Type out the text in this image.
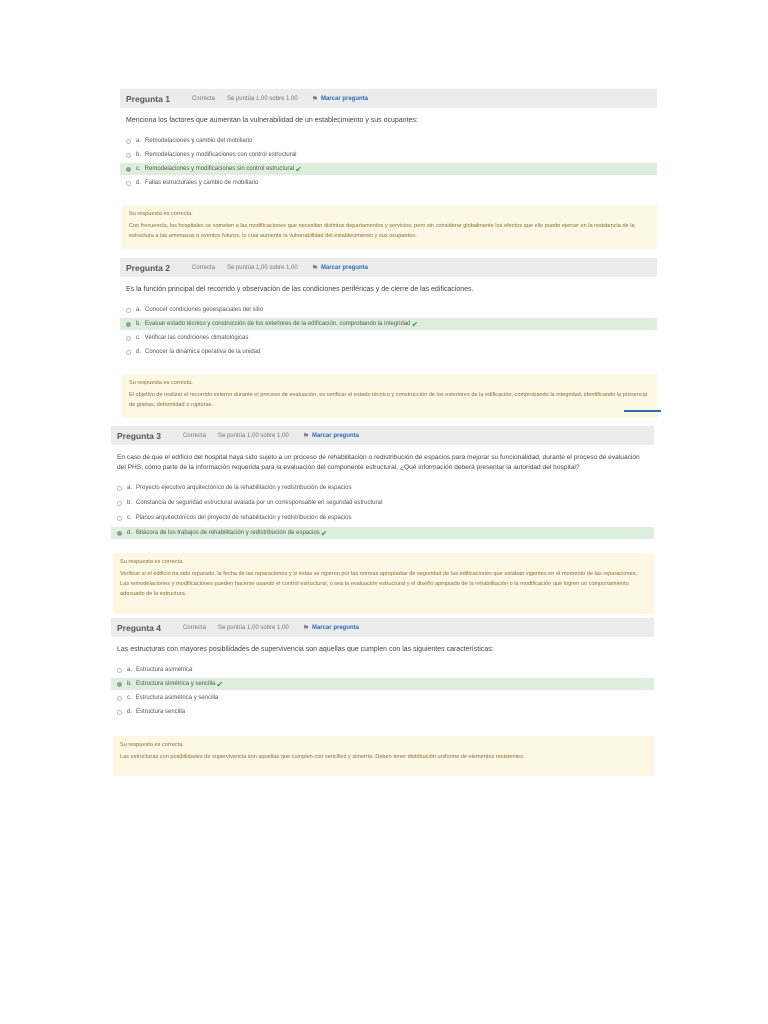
Pregunta 1	Correcta Se puntúa 1,00 sobre 1,00 ⚑ Marcar pregunta
Menciona los factores que aumentan la vulnerabilidad de un establecimiento y sus ocupantes:
a. Remodelaciones y cambio del mobiliario
b. Remodelaciones y modificaciones con control estructural
c. Remodelaciones y modificaciones sin control estructural ✔
d. Fallas estructurales y cambio de mobiliario
Su respuesta es correcta.
Con frecuencia, los hospitales se someten a las modificaciones que necesitan distintos departamentos y servicios, pero sin considerar globalmente los efectos que ello puedo ejercer en la resistencia de la estructura a las amenazas o eventos futuros, lo cual aumenta la vulnerabilidad del establecimiento y sus ocupantes.
Pregunta 2	Correcta Se puntúa 1,00 sobre 1,00 ⚑ Marcar pregunta
Es la función principal del recorrido y observación de las condiciones periféricas y de cierre de las edificaciones.
a. Conocer condiciones geoespaciales del sitio
b. Evaluar estado técnico y construcción de los exteriores de la edificación, comprobando la integridad ✔
c. Verificar las condiciones climatológicas
d. Conocer la dinámica operativa de la unidad
Su respuesta es correcta.
El objetivo de realizar el recorrido externo durante el proceso de evaluación, es verificar el estado técnico y construcción de los exteriores de la edificación, comprobando la integridad, identificando la presencia de grietas, deformidad o rupturas.
Pregunta 3	Correcta Se puntúa 1,00 sobre 1,00 ⚑ Marcar pregunta
En caso de que el edificio del hospital haya sido sujeto a un proceso de rehabilitación o redistribución de espacios para mejorar su funcionalidad, durante el proceso de evaluación del PHS, cómo parte de la información requerida para la evaluación del componente estructural, ¿Qué información deberá presentar la autoridad del hospital?
a. Proyecto ejecutivo arquitectónico de la rehabilitación y redistribución de espacios
b. Constancia de seguridad estructural avalada por un corresponsable en seguridad estructural
c. Planos arquitectónicos del proyecto de rehabilitación y redistribución de espacios
d. Bitácora de los trabajos de rehabilitación y redistribución de espacios ✔
Su respuesta es correcta.
Verificar si el edificio ha sido reparado, la fecha de las reparaciones y si éstas se rigieron por las normas apropiadas de seguridad de las edificaciones que estaban vigentes en el momento de las reparaciones. Las remodelaciones y modificaciones pueden hacerse usando el control estructural, o sea la evaluación estructural y el diseño apropiado de la rehabilitación o la modificación que logren un comportamiento adecuado de la estructura.
Pregunta 4	Correcta Se puntúa 1,00 sobre 1,00 ⚑ Marcar pregunta
Las estructuras con mayores posibilidades de supervivencia son aquellas que cumplen con las siguientes características:
a. Estructura asimétrica
b. Estructura simétrica y sencilla ✔
c. Estructura asimétrica y sencilla
d. Estructura sencilla
Su respuesta es correcta.
Las estructuras con posibilidades de supervivencia son aquellas que cumplen con sencillez y simetría. Deben tener distribución uniforme de elementos resistentes.
